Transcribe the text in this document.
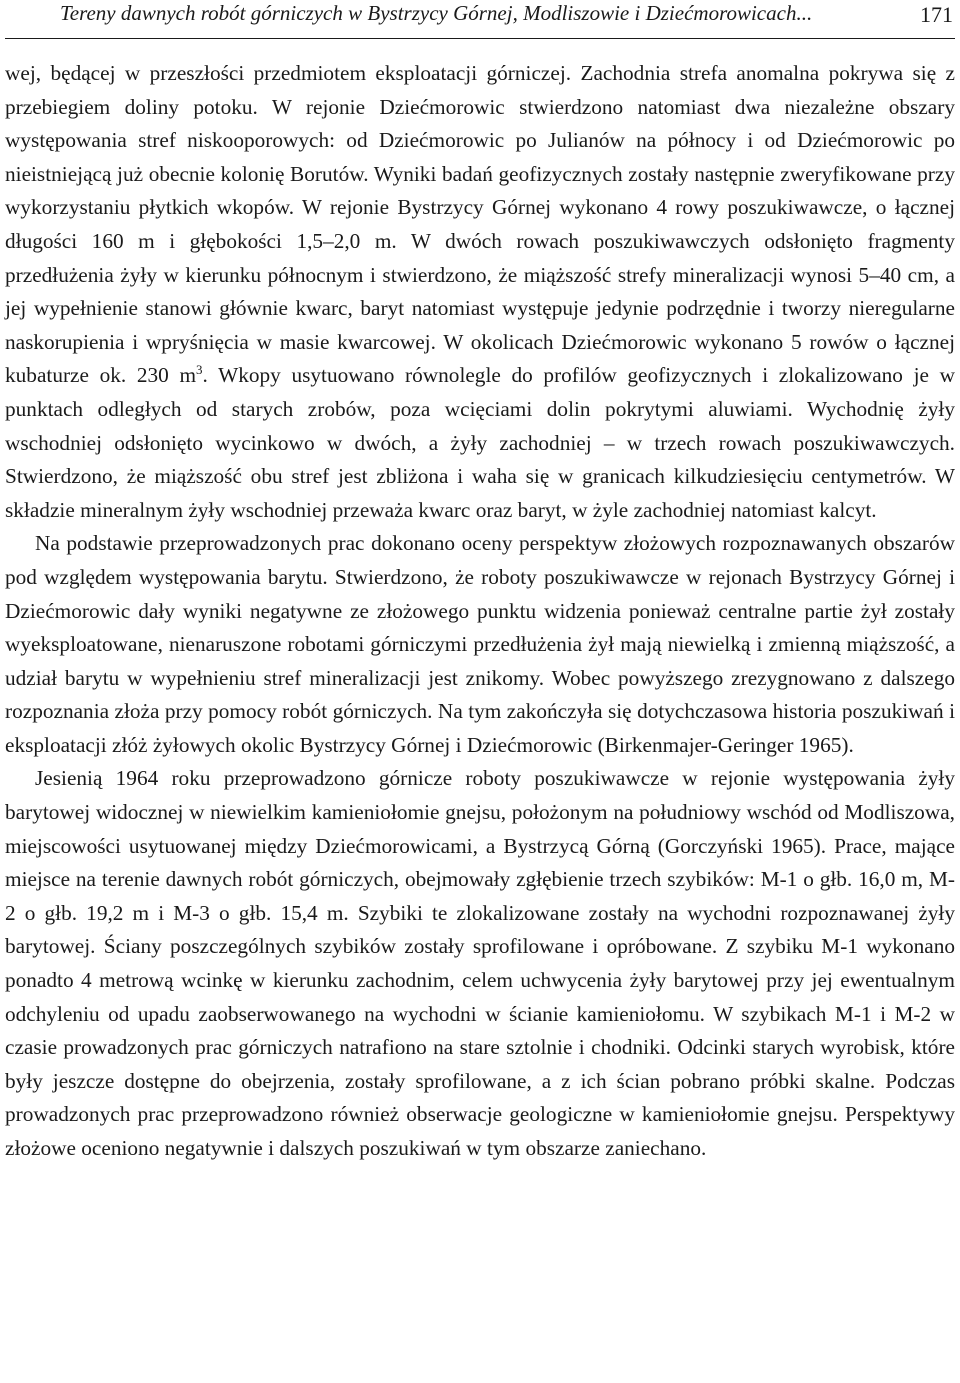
Tereny dawnych robót górniczych w Bystrzycy Górnej, Modliszowie i Dziećmorowicach...	171

wej, będącej w przeszłości przedmiotem eksploatacji górniczej. Zachodnia strefa anomalna pokrywa się z przebiegiem doliny potoku. W rejonie Dziećmorowic stwierdzono natomiast dwa niezależne obszary występowania stref niskooporowych: od Dziećmorowic po Julianów na północy i od Dziećmorowic po nieistniejącą już obecnie kolonię Borutów. Wyniki badań geofizycznych zostały następnie zweryfikowane przy wykorzystaniu płytkich wkopów. W rejonie Bystrzycy Górnej wykonano 4 rowy poszukiwawcze, o łącznej długości 160 m i głębokości 1,5–2,0 m. W dwóch rowach poszukiwawczych odsłonięto fragmenty przedłużenia żyły w kierunku północnym i stwierdzono, że miąższość strefy mineralizacji wynosi 5–40 cm, a jej wypełnienie stanowi głównie kwarc, baryt natomiast występuje jedynie podrzędnie i tworzy nieregularne naskorupienia i wpryśnięcia w masie kwarcowej. W okolicach Dziećmorowic wykonano 5 rowów o łącznej kubaturze ok. 230 $m^3$. Wkopy usytuowano równolegle do profilów geofizycznych i zlokalizowano je w punktach odległych od starych zrobów, poza wcięciami dolin pokrytymi aluwiami. Wychodnię żyły wschodniej odsłonięto wycinkowo w dwóch, a żyły zachodniej – w trzech rowach poszukiwawczych. Stwierdzono, że miąższość obu stref jest zbliżona i waha się w granicach kilkudziesięciu centymetrów. W składzie mineralnym żyły wschodniej przeważa kwarc oraz baryt, w żyle zachodniej natomiast kalcyt.

Na podstawie przeprowadzonych prac dokonano oceny perspektyw złożowych rozpoznawanych obszarów pod względem występowania barytu. Stwierdzono, że roboty poszukiwawcze w rejonach Bystrzycy Górnej i Dziećmorowic dały wyniki negatywne ze złożowego punktu widzenia ponieważ centralne partie żył zostały wyeksploatowane, nienaruszone robotami górniczymi przedłużenia żył mają niewielką i zmienną miąższość, a udział barytu w wypełnieniu stref mineralizacji jest znikomy. Wobec powyższego zrezygnowano z dalszego rozpoznania złoża przy pomocy robót górniczych. Na tym zakończyła się dotychczasowa historia poszukiwań i eksploatacji złóż żyłowych okolic Bystrzycy Górnej i Dziećmorowic (Birkenmajer-Geringer 1965).

Jesienią 1964 roku przeprowadzono górnicze roboty poszukiwawcze w rejonie występowania żyły barytowej widocznej w niewielkim kamieniołomie gnejsu, położonym na południowy wschód od Modliszowa, miejscowości usytuowanej między Dziećmorowicami, a Bystrzycą Górną (Gorczyński 1965). Prace, mające miejsce na terenie dawnych robót górniczych, obejmowały zgłębienie trzech szybików: M-1 o głb. 16,0 m, M-2 o głb. 19,2 m i M-3 o głb. 15,4 m. Szybiki te zlokalizowane zostały na wychodni rozpoznawanej żyły barytowej. Ściany poszczególnych szybików zostały sprofilowane i opróbowane. Z szybiku M-1 wykonano ponadto 4 metrową wcinkę w kierunku zachodnim, celem uchwycenia żyły barytowej przy jej ewentualnym odchyleniu od upadu zaobserwowanego na wychodni w ścianie kamieniołomu. W szybikach M-1 i M-2 w czasie prowadzonych prac górniczych natrafiono na stare sztolnie i chodniki. Odcinki starych wyrobisk, które były jeszcze dostępne do obejrzenia, zostały sprofilowane, a z ich ścian pobrano próbki skalne. Podczas prowadzonych prac przeprowadzono również obserwacje geologiczne w kamieniołomie gnejsu. Perspektywy złożowe oceniono negatywnie i dalszych poszukiwań w tym obszarze zaniechano.
